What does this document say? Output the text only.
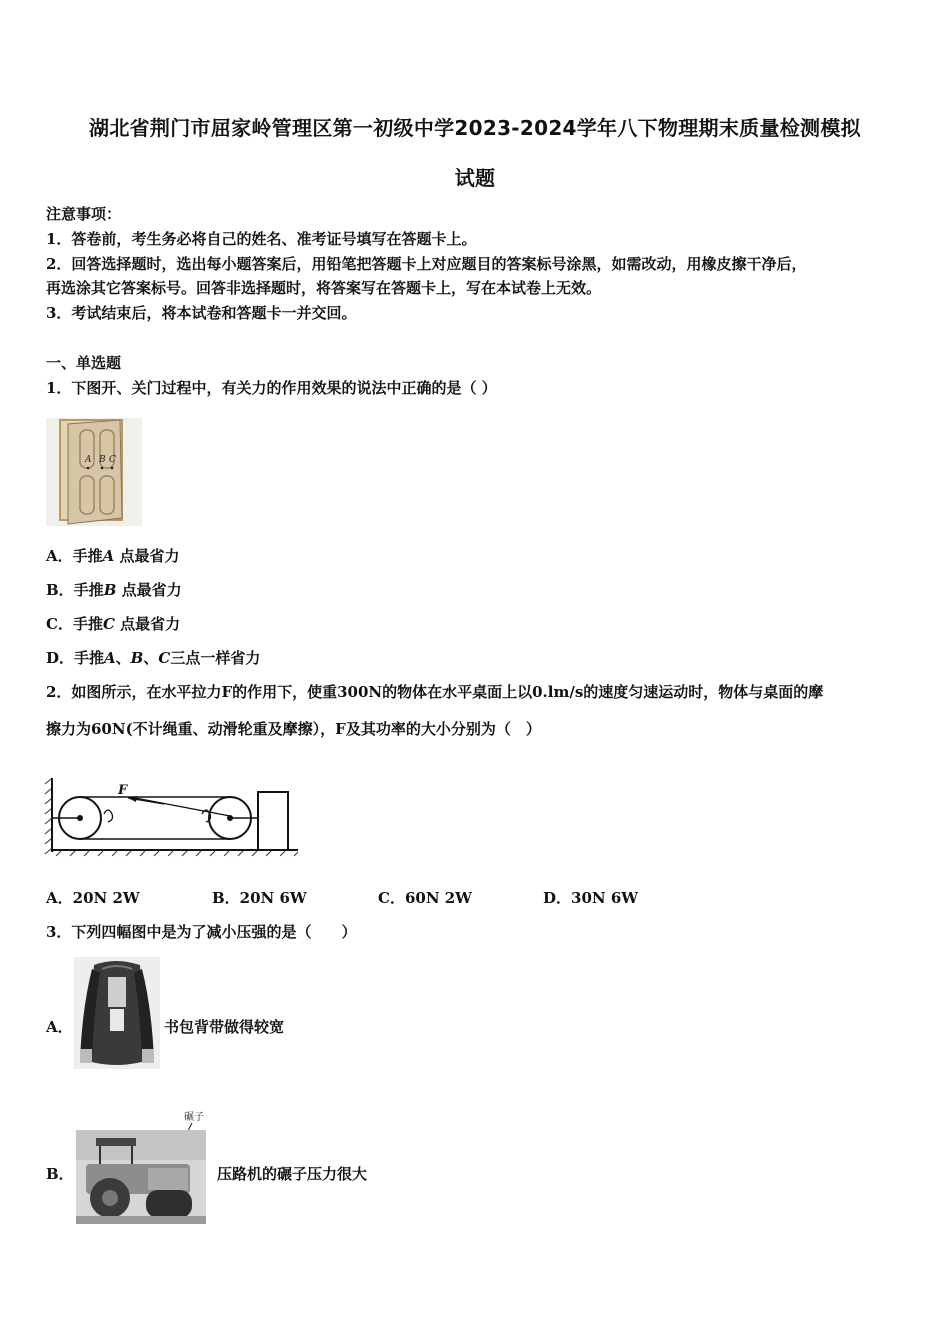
湖北省荆门市屈家岭管理区第一初级中学2023-2024学年八下物理期末质量检测模拟
试题
注意事项：
1．答卷前，考生务必将自己的姓名、准考证号填写在答题卡上。
2．回答选择题时，选出每小题答案后，用铅笔把答题卡上对应题目的答案标号涂黑，如需改动，用橡皮擦干净后，
再选涂其它答案标号。回答非选择题时，将答案写在答题卡上，写在本试卷上无效。
3．考试结束后，将本试卷和答题卡一并交回。
一、单选题
1．下图开、关门过程中，有关力的作用效果的说法中正确的是（ ）
A B C
A．手推A 点最省力
B．手推B 点最省力
C．手推C 点最省力
D．手推A、B、C三点一样省力
2．如图所示，在水平拉力F的作用下，使重300N的物体在水平桌面上以0.lm/s的速度匀速运动时，物体与桌面的摩
擦力为60N(不计绳重、动滑轮重及摩擦），F及其功率的大小分别为（　）
F
A．20N 2W	B．20N 6W	C．60N 2W	D．30N 6W
3．下列四幅图中是为了减小压强的是（　　）
A．	书包背带做得较宽
B．
碾子
压路机的碾子压力很大
